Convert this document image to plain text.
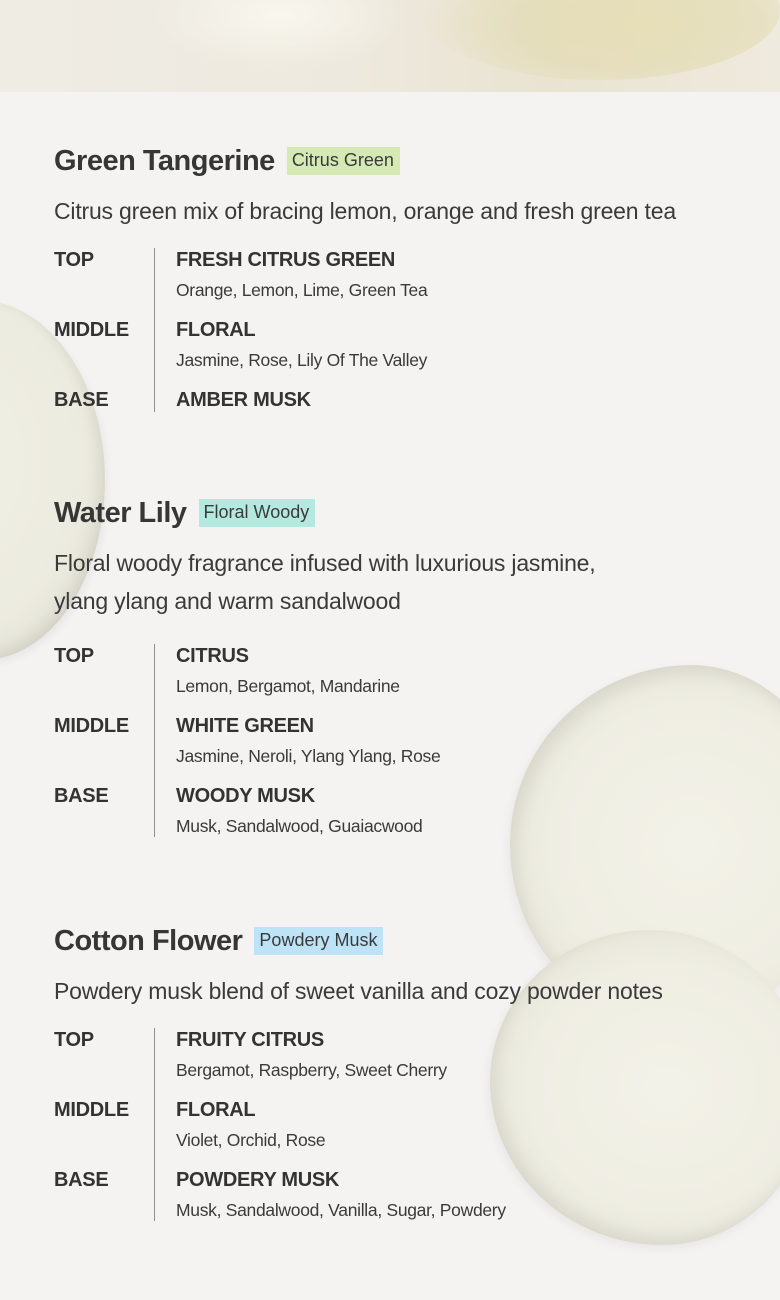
Green Tangerine Citrus Green
Citrus green mix of bracing lemon, orange and fresh green tea
TOP	FRESH CITRUS GREEN
Orange, Lemon, Lime, Green Tea
MIDDLE	FLORAL
Jasmine, Rose, Lily Of The Valley
BASE	AMBER MUSK
Water Lily Floral Woody
Floral woody fragrance infused with luxurious jasmine,
ylang ylang and warm sandalwood
TOP	CITRUS
Lemon, Bergamot, Mandarine
MIDDLE	WHITE GREEN
Jasmine, Neroli, Ylang Ylang, Rose
BASE	WOODY MUSK
Musk, Sandalwood, Guaiacwood
Cotton Flower Powdery Musk
Powdery musk blend of sweet vanilla and cozy powder notes
TOP	FRUITY CITRUS
Bergamot, Raspberry, Sweet Cherry
MIDDLE	FLORAL
Violet, Orchid, Rose
BASE	POWDERY MUSK
Musk, Sandalwood, Vanilla, Sugar, Powdery
